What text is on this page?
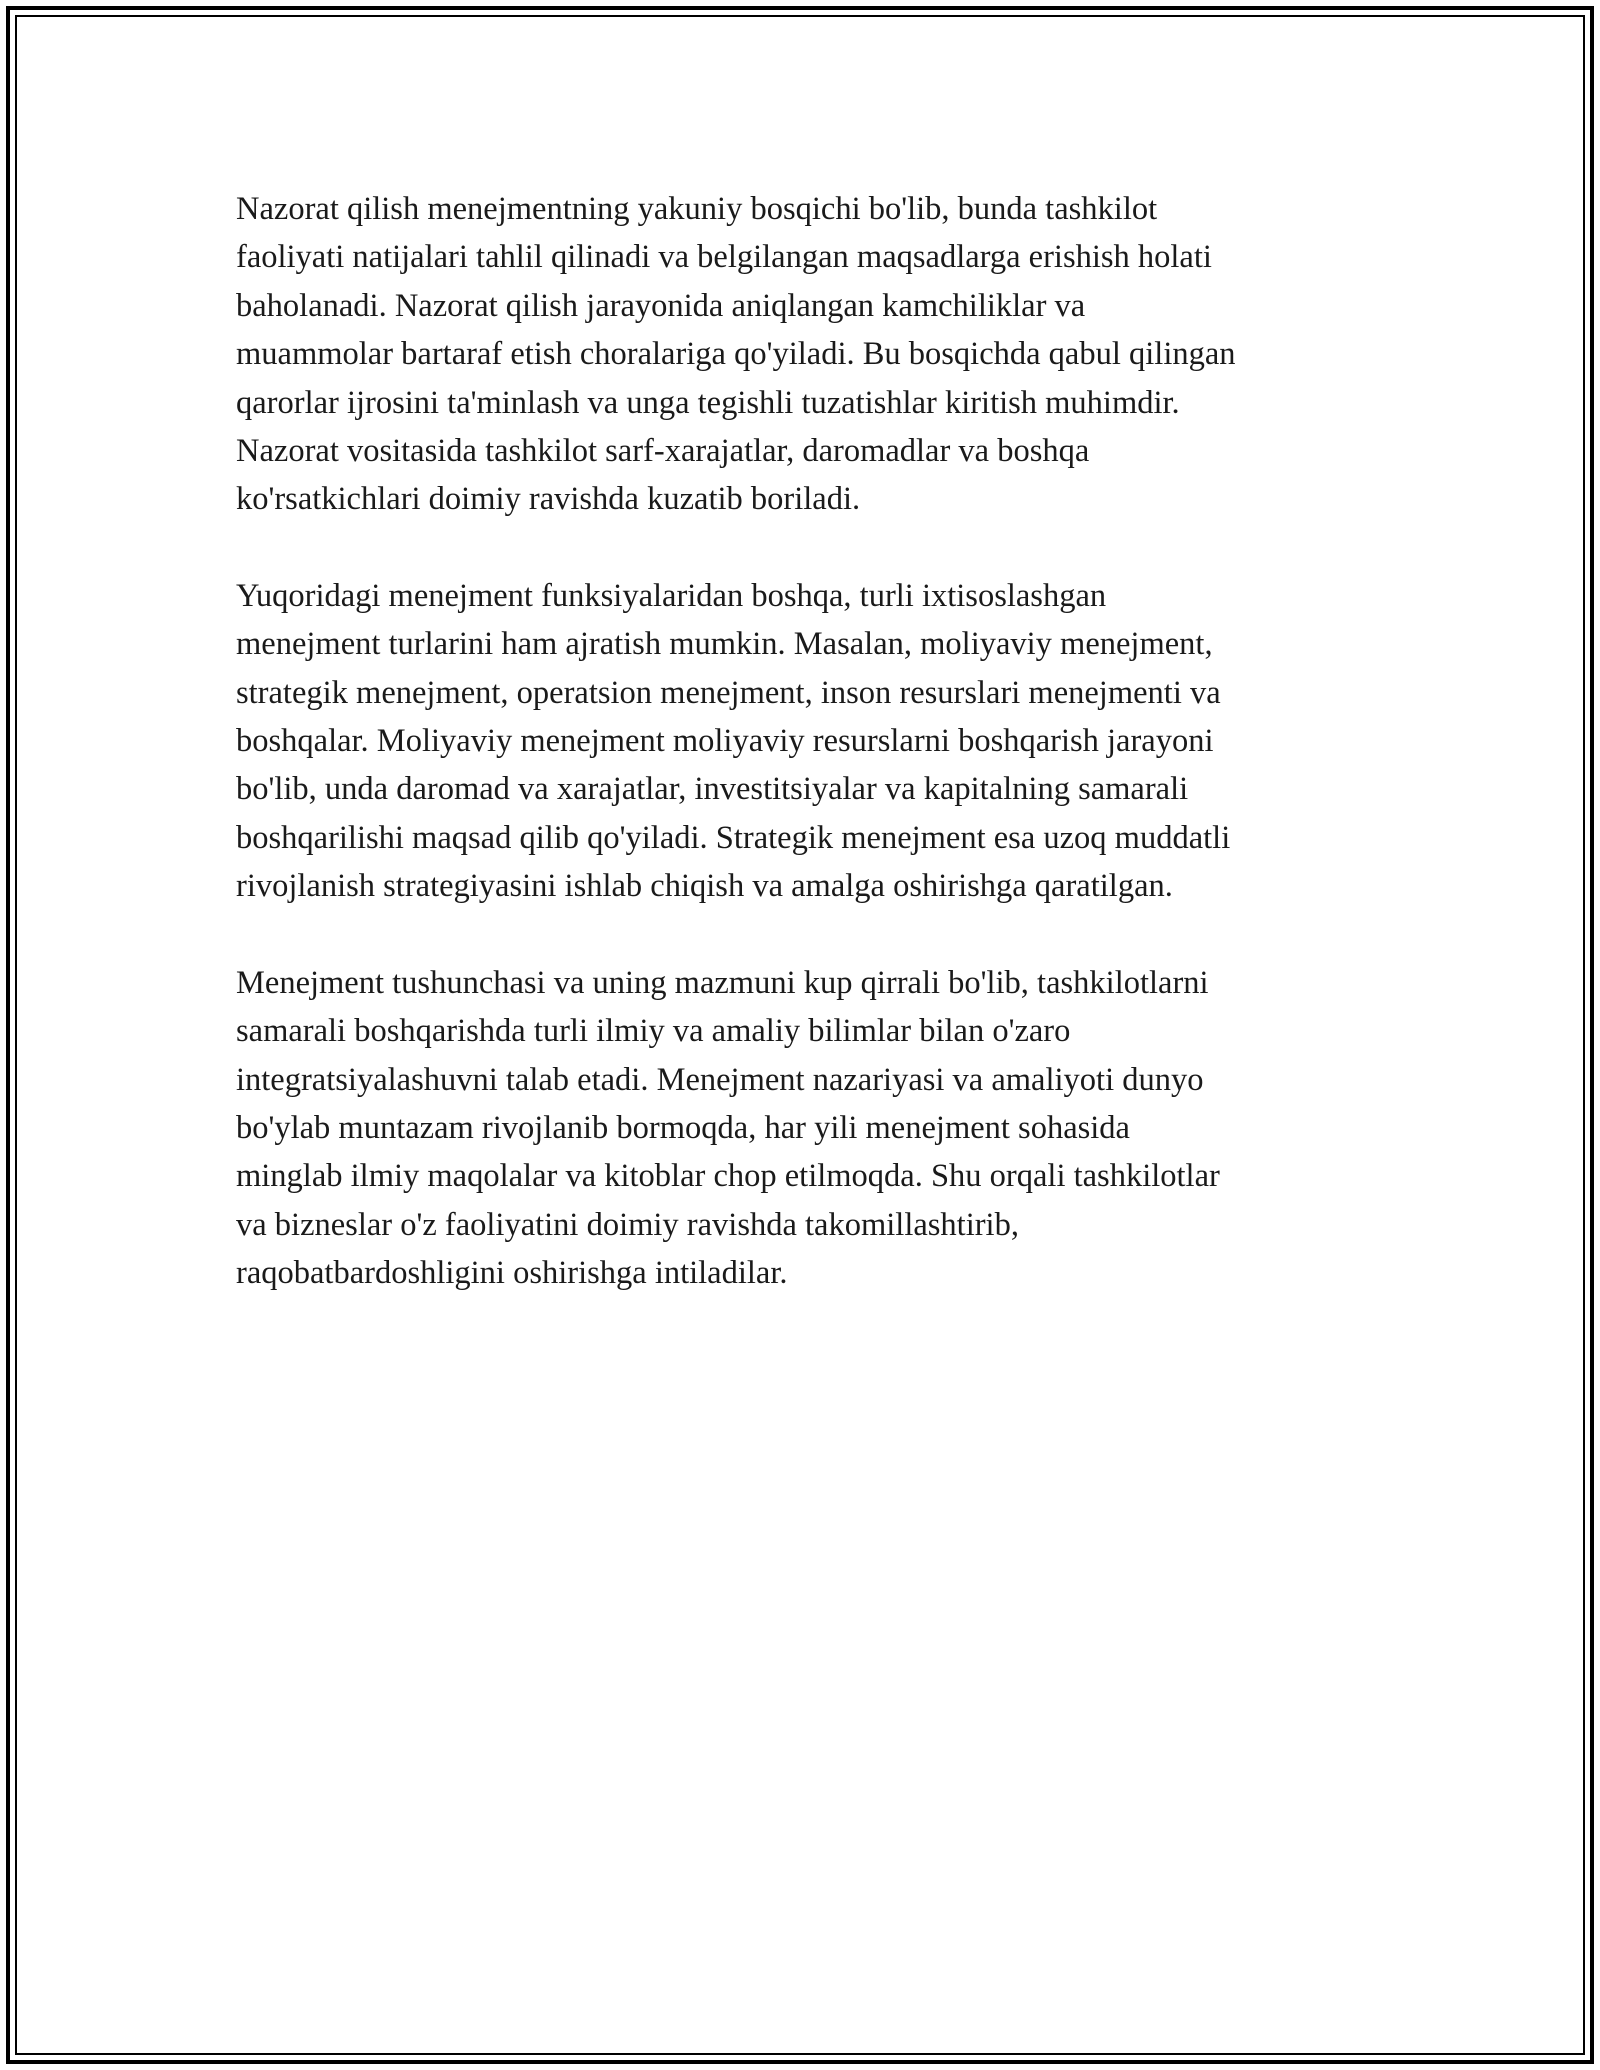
Nazorat qilish menejmentning yakuniy bosqichi bo'lib, bunda tashkilot
faoliyati natijalari tahlil qilinadi va belgilangan maqsadlarga erishish holati
baholanadi. Nazorat qilish jarayonida aniqlangan kamchiliklar va
muammolar bartaraf etish choralariga qo'yiladi. Bu bosqichda qabul qilingan
qarorlar ijrosini ta'minlash va unga tegishli tuzatishlar kiritish muhimdir.
Nazorat vositasida tashkilot sarf-xarajatlar, daromadlar va boshqa
ko'rsatkichlari doimiy ravishda kuzatib boriladi.

Yuqoridagi menejment funksiyalaridan boshqa, turli ixtisoslashgan
menejment turlarini ham ajratish mumkin. Masalan, moliyaviy menejment,
strategik menejment, operatsion menejment, inson resurslari menejmenti va
boshqalar. Moliyaviy menejment moliyaviy resurslarni boshqarish jarayoni
bo'lib, unda daromad va xarajatlar, investitsiyalar va kapitalning samarali
boshqarilishi maqsad qilib qo'yiladi. Strategik menejment esa uzoq muddatli
rivojlanish strategiyasini ishlab chiqish va amalga oshirishga qaratilgan.

Menejment tushunchasi va uning mazmuni kup qirrali bo'lib, tashkilotlarni
samarali boshqarishda turli ilmiy va amaliy bilimlar bilan o'zaro
integratsiyalashuvni talab etadi. Menejment nazariyasi va amaliyoti dunyo
bo'ylab muntazam rivojlanib bormoqda, har yili menejment sohasida
minglab ilmiy maqolalar va kitoblar chop etilmoqda. Shu orqali tashkilotlar
va bizneslar o'z faoliyatini doimiy ravishda takomillashtirib,
raqobatbardoshligini oshirishga intiladilar.
